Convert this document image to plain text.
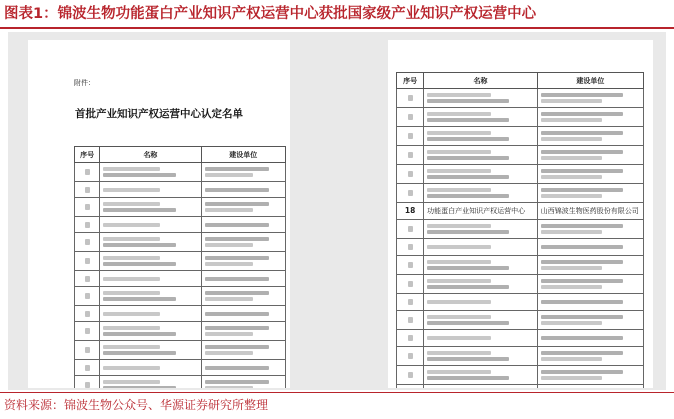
图表1：锦波生物功能蛋白产业知识产权运营中心获批国家级产业知识产权运营中心
附件：
首批产业知识产权运营中心认定名单
序号	名称	建设单位

序号	名称	建设单位

18	功能蛋白产业知识产权运营中心	山西锦波生物医药股份有限公司

资料来源：锦波生物公众号、华源证券研究所整理
